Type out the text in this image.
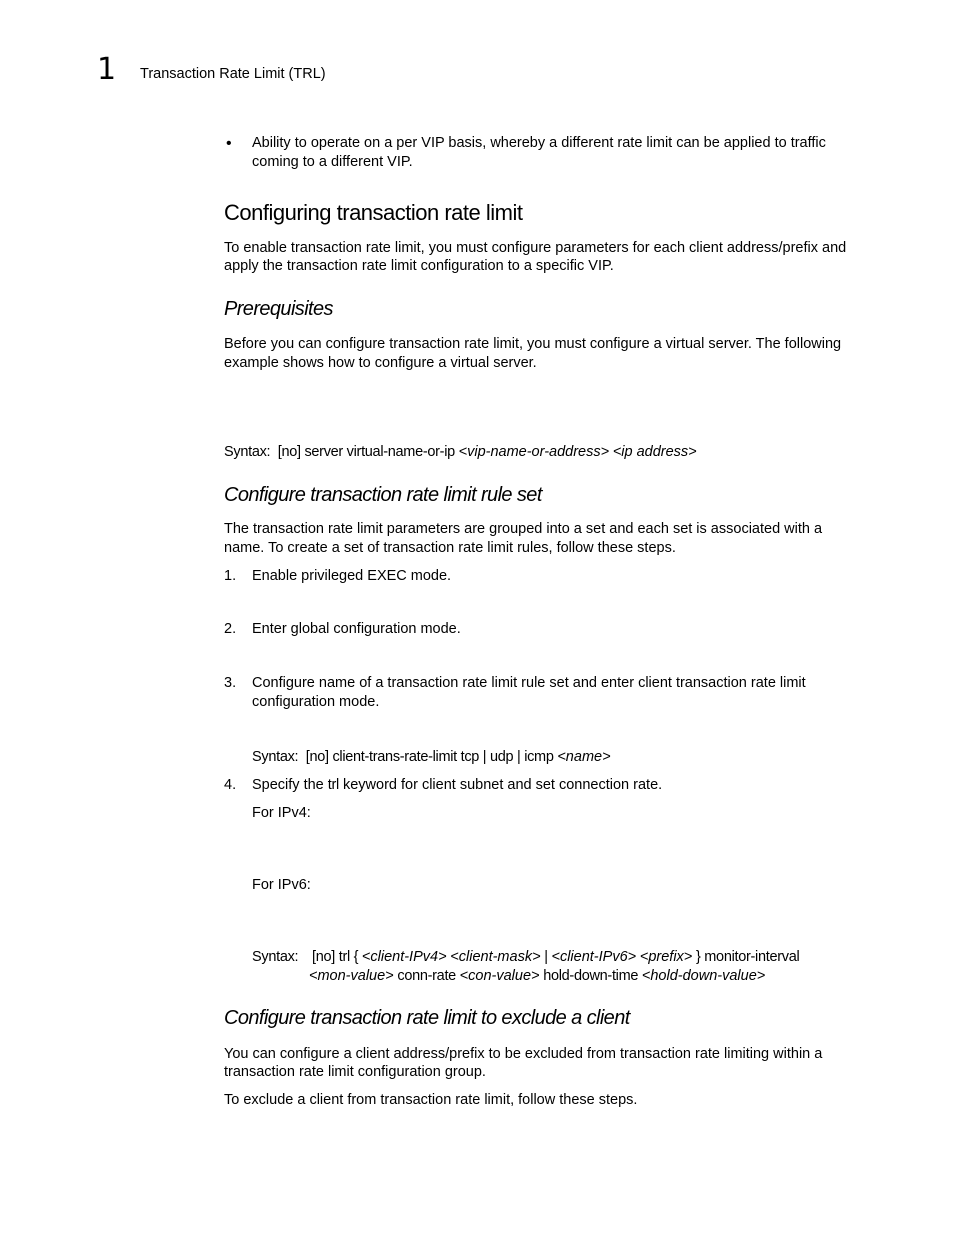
1 Transaction Rate Limit (TRL)
• Ability to operate on a per VIP basis, whereby a different rate limit can be applied to traffic
coming to a different VIP.
Configuring transaction rate limit
To enable transaction rate limit, you must configure parameters for each client address/prefix and
apply the transaction rate limit configuration to a specific VIP.
Prerequisites
Before you can configure transaction rate limit, you must configure a virtual server. The following
example shows how to configure a virtual server.
Syntax: [no] server virtual-name-or-ip <vip-name-or-address> <ip address>
Configure transaction rate limit rule set
The transaction rate limit parameters are grouped into a set and each set is associated with a
name. To create a set of transaction rate limit rules, follow these steps.
1. Enable privileged EXEC mode.
2. Enter global configuration mode.
3. Configure name of a transaction rate limit rule set and enter client transaction rate limit
configuration mode.
Syntax: [no] client-trans-rate-limit tcp | udp | icmp <name>
4. Specify the trl keyword for client subnet and set connection rate.
For IPv4:
For IPv6:
Syntax: [no] trl { <client-IPv4> <client-mask> | <client-IPv6> <prefix> } monitor-interval
<mon-value> conn-rate <con-value> hold-down-time <hold-down-value>
Configure transaction rate limit to exclude a client
You can configure a client address/prefix to be excluded from transaction rate limiting within a
transaction rate limit configuration group.
To exclude a client from transaction rate limit, follow these steps.
